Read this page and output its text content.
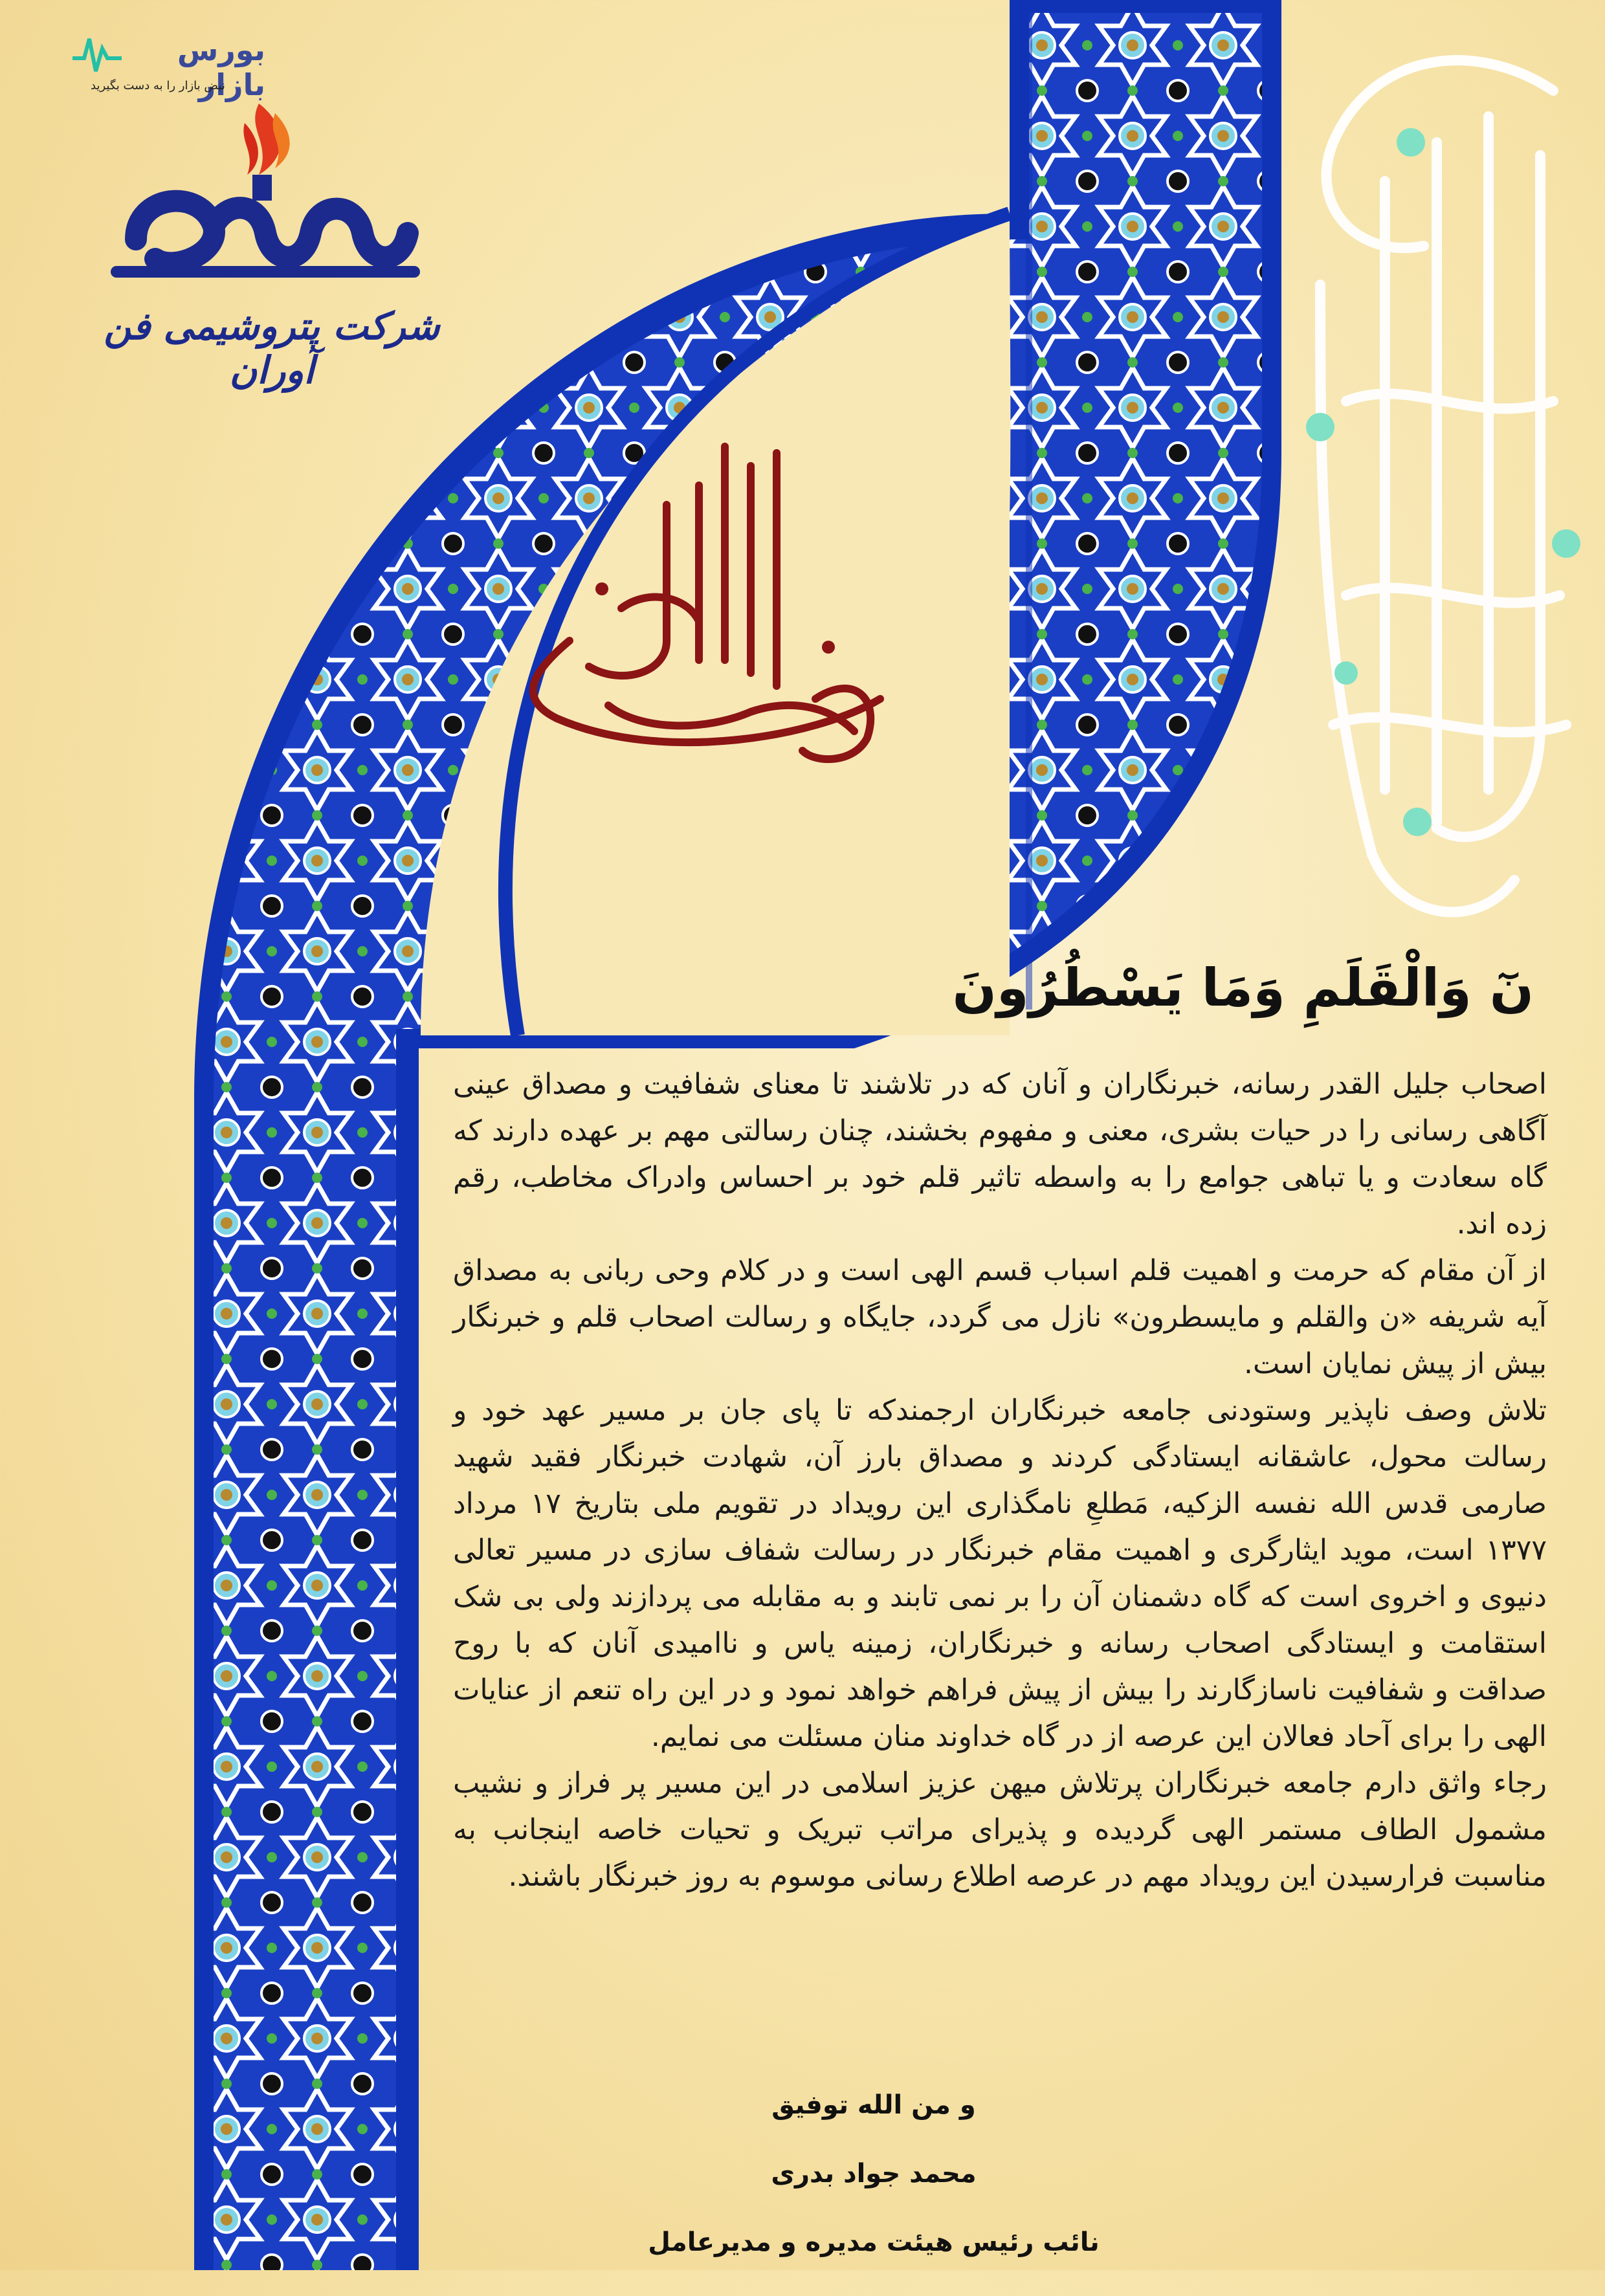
بورس بازار
نبض بازار را به دست بگیرید
شرکت پتروشیمی فن آوران
نٓ وَالْقَلَمِ وَمَا يَسْطُرُونَ

اصحاب جلیل القدر رسانه، خبرنگاران و آنان که در تلاشند تا معنای شفافیت و مصداق عینی آگاهی رسانی را در حیات بشری، معنی و مفهوم بخشند، چنان رسالتی مهم بر عهده دارند که گاه سعادت و یا تباهی جوامع را به واسطه تاثیر قلم خود بر احساس وادراک مخاطب، رقم زده اند.

از آن مقام که حرمت و اهمیت قلم اسباب قسم الهی است و در کلام وحی ربانی به مصداق آیه شریفه «ن والقلم و مایسطرون» نازل می گردد، جایگاه و رسالت اصحاب قلم و خبرنگار بیش از پیش نمایان است.

تلاش وصف ناپذیر وستودنی جامعه خبرنگاران ارجمندکه تا پای جان بر مسیر عهد خود و رسالت محول، عاشقانه ایستادگی کردند و مصداق بارز آن، شهادت خبرنگار فقید شهید صارمی قدس الله نفسه الزکیه، مَطلعِ نامگذاری این رویداد در تقویم ملی بتاریخ ۱۷ مرداد ۱۳۷۷ است، موید ایثارگری و اهمیت مقام خبرنگار در رسالت شفاف سازی در مسیر تعالی دنیوی و اخروی است که گاه دشمنان آن را بر نمی تابند و به مقابله می پردازند ولی بی شک استقامت و ایستادگی اصحاب رسانه و خبرنگاران، زمینه یاس و ناامیدی آنان که با روح صداقت و شفافیت ناسازگارند را بیش از پیش فراهم خواهد نمود و در این راه تنعم از عنایات الهی را برای آحاد فعالان این عرصه از در گاه خداوند منان مسئلت می نمایم.

رجاء واثق دارم جامعه خبرنگاران پرتلاش میهن عزیز اسلامی در این مسیر پر فراز و نشیب مشمول الطاف مستمر الهی گردیده و پذیرای مراتب تبریک و تحیات خاصه اینجانب به مناسبت فرارسیدن این رویداد مهم در عرصه اطلاع رسانی موسوم به روز خبرنگار باشند.

و من الله توفیق
محمد جواد بدری
نائب رئیس هیئت مدیره و مدیرعامل
